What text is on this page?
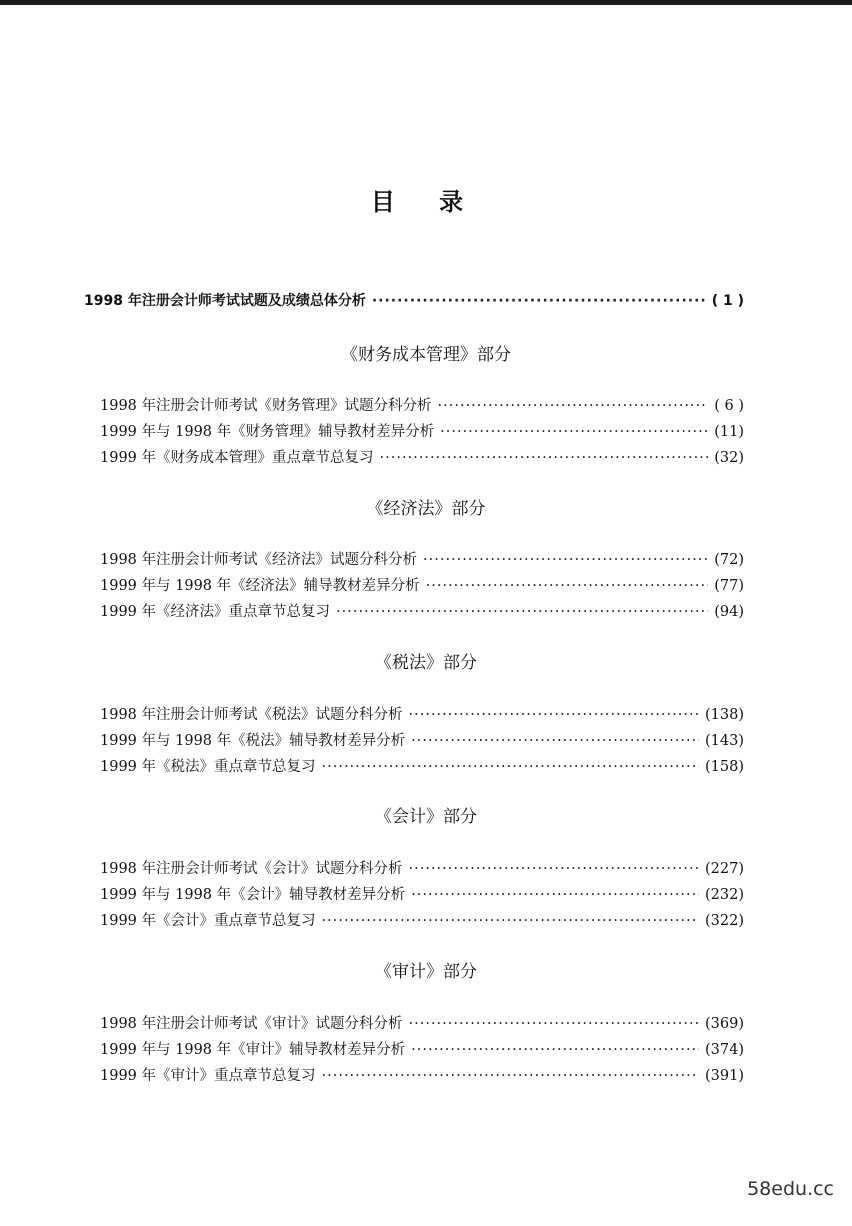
目 录
1998 年注册会计师考试试题及成绩总体分析 ·····	( 1 )
《财务成本管理》部分
1998 年注册会计师考试《财务管理》试题分科分析 ·····	( 6 )
1999 年与 1998 年《财务管理》辅导教材差异分析 ·····	(11)
1999 年《财务成本管理》重点章节总复习 ·····	(32)
《经济法》部分
1998 年注册会计师考试《经济法》试题分科分析 ·····	(72)
1999 年与 1998 年《经济法》辅导教材差异分析 ·····	(77)
1999 年《经济法》重点章节总复习 ·····	(94)
《税法》部分
1998 年注册会计师考试《税法》试题分科分析 ·····	(138)
1999 年与 1998 年《税法》辅导教材差异分析 ·····	(143)
1999 年《税法》重点章节总复习 ·····	(158)
《会计》部分
1998 年注册会计师考试《会计》试题分科分析 ·····	(227)
1999 年与 1998 年《会计》辅导教材差异分析 ·····	(232)
1999 年《会计》重点章节总复习 ·····	(322)
《审计》部分
1998 年注册会计师考试《审计》试题分科分析 ·····	(369)
1999 年与 1998 年《审计》辅导教材差异分析 ·····	(374)
1999 年《审计》重点章节总复习 ·····	(391)
58edu.cc
